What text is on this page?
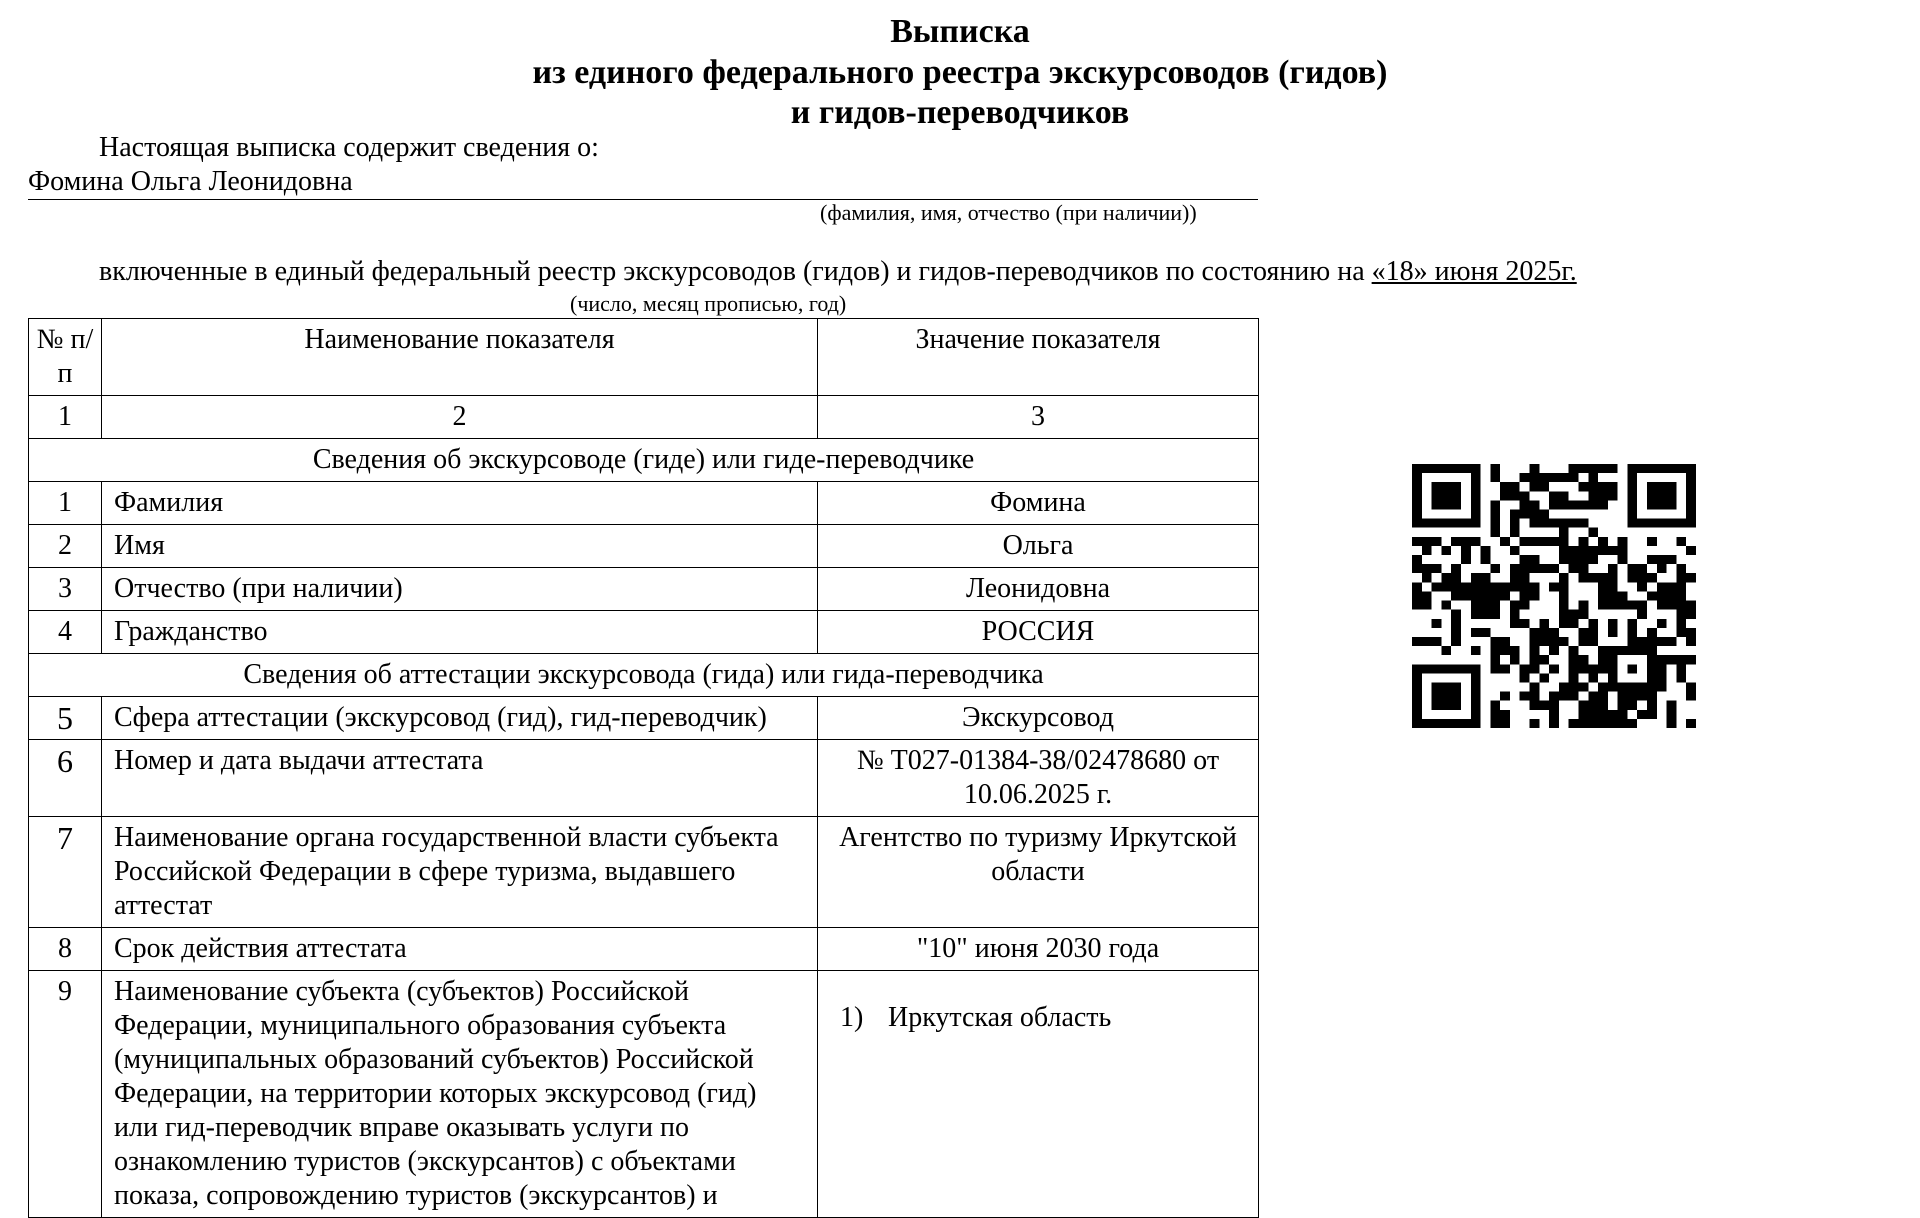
Выписка
из единого федерального реестра экскурсоводов (гидов)
и гидов-переводчиков
Настоящая выписка содержит сведения о:
Фомина Ольга Леонидовна
(фамилия, имя, отчество (при наличии))
включенные в единый федеральный реестр экскурсоводов (гидов) и гидов-переводчиков по состоянию на «18» июня 2025г.
(число, месяц прописью, год)
№ п/п	Наименование показателя	Значение показателя
1	2	3
Сведения об экскурсоводе (гиде) или гиде-переводчике		
1	Фамилия	Фомина
2	Имя	Ольга
3	Отчество (при наличии)	Леонидовна
4	Гражданство	РОССИЯ
Сведения об аттестации экскурсовода (гида) или гида-переводчика		
5	Сфера аттестации (экскурсовод (гид), гид-переводчик)	Экскурсовод
6	Номер и дата выдачи аттестата	№ Т027-01384-38/02478680 от 10.06.2025 г.
7	Наименование органа государственной власти субъекта Российской Федерации в сфере туризма, выдавшего аттестат	Агентство по туризму Иркутской области
8	Срок действия аттестата	"10" июня 2030 года
9	Наименование субъекта (субъектов) Российской Федерации, муниципального образования субъекта (муниципальных образований субъектов) Российской Федерации, на территории которых экскурсовод (гид) или гид-переводчик вправе оказывать услуги по ознакомлению туристов (экскурсантов) с объектами показа, сопровождению туристов (экскурсантов) и	1) Иркутская область
